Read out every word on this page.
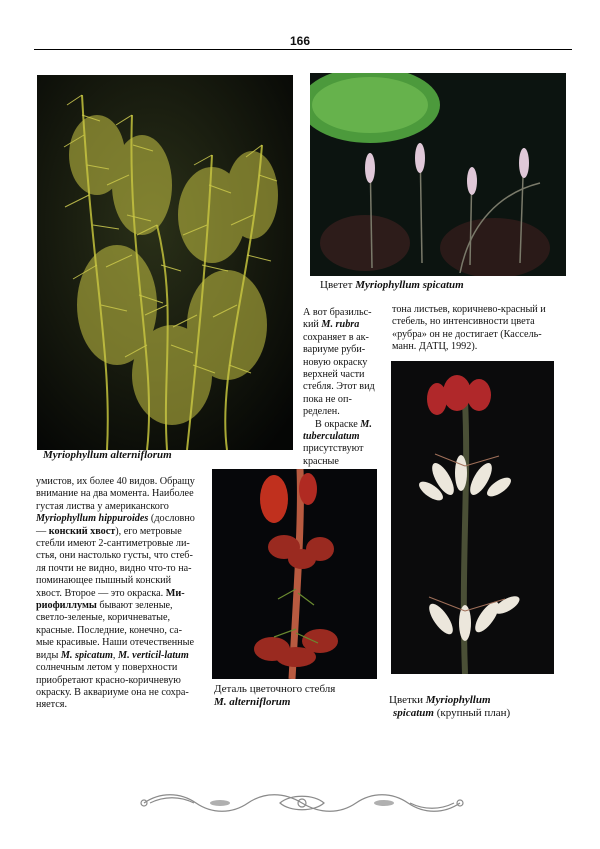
166
Myriophyllum alterniflorum
Цветет Myriophyllum spicatum
Деталь цветочного стебля
M. alterniflorum	Цветки Myriophyllum
spicatum (крупный план)

А вот бразильс-

кий M. rubra

сохраняет в ак-

вариуме руби-

новую окраску

верхней части

стебля. Этот вид

пока не оп-

ределен.

В окраске M.

tuberculatum

присутствуют

красные

тона листьев, коричнево-красный и

стебель, но интенсивности цвета

«рубра» он не достигает (Кассель-

манн. ДАТЦ, 1992).

умистов, их более 40 видов. Обращу

внимание на два момента. Наиболее

густая листва у американского

Myriophyllum hippuroides (дословно

— конский хвост), его метровые

стебли имеют 2-сантиметровые ли-

стья, они настолько густы, что стеб-

ля почти не видно, видно что-то на-

поминающее пышный конский

хвост. Второе — это окраска. Ми-

риофиллумы бывают зеленые,

светло-зеленые, коричневатые,

красные. Последние, конечно, са-

мые красивые. Наши отечественные

виды M. spicatum, M. verticil-latum

солнечным летом у поверхности

приобретают красно-коричневую

окраску. В аквариуме она не сохра-

няется.
